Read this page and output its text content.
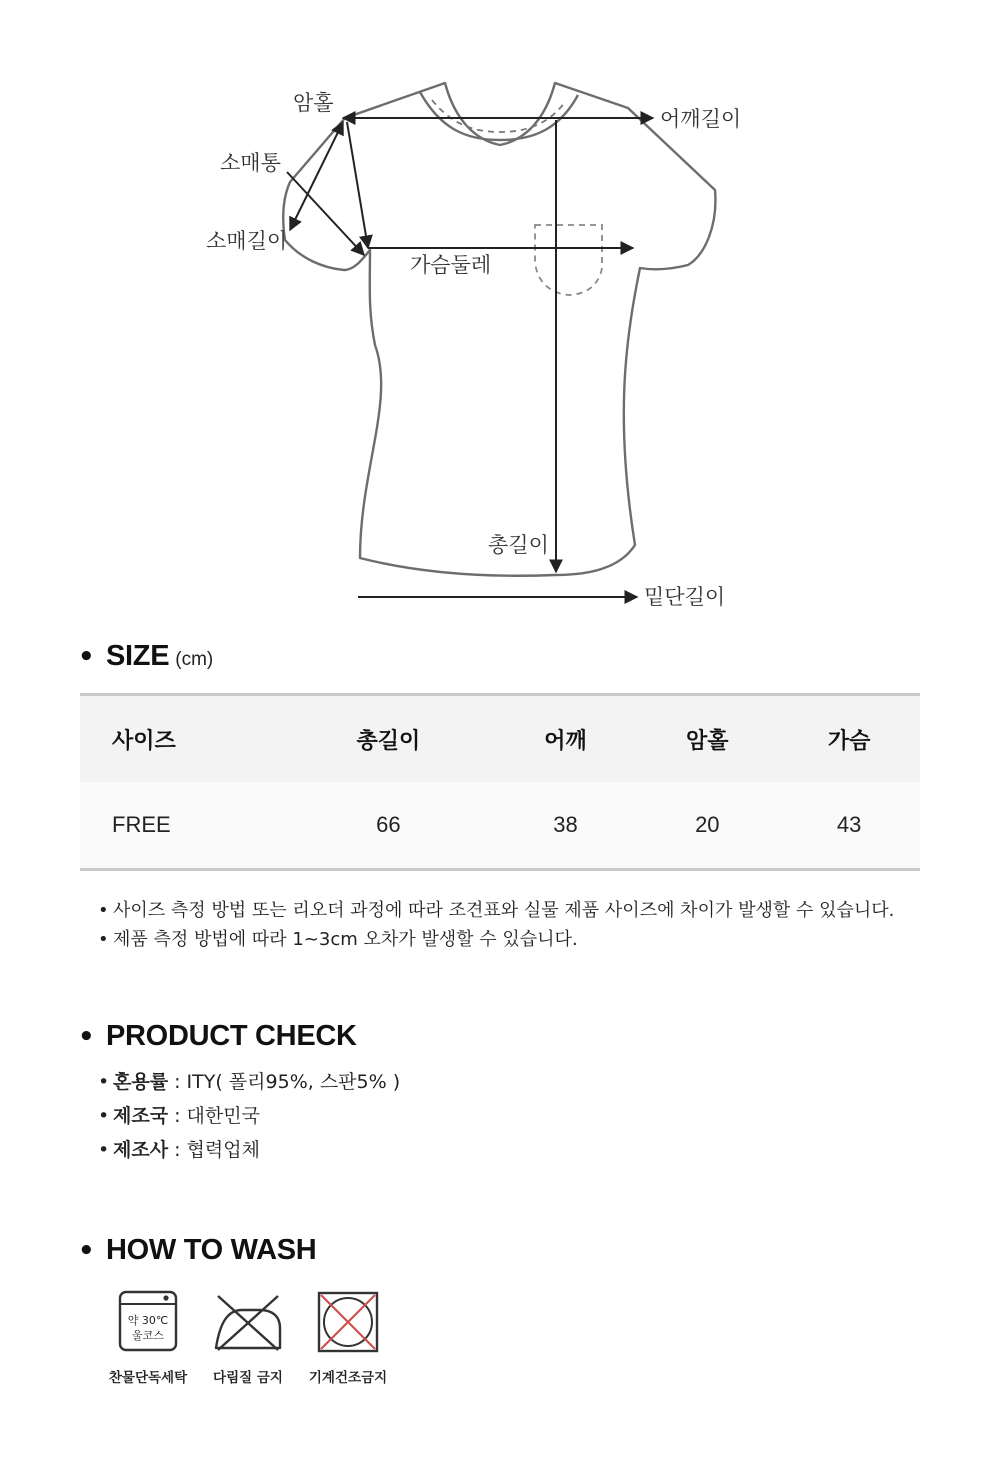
암홀
어깨길이
소매통
소매길이
가슴둘레
총길이
밑단길이
• SIZE (cm)
사이즈	총길이	어깨	암홀	가슴
FREE	66	38	20	43
• 사이즈 측정 방법 또는 리오더 과정에 따라 조견표와 실물 제품 사이즈에 차이가 발생할 수 있습니다.
• 제품 측정 방법에 따라 1~3cm 오차가 발생할 수 있습니다.
• PRODUCT CHECK
• 혼용률 : ITY( 폴리95%, 스판5% )
• 제조국 : 대한민국
• 제조사 : 협력업체
• HOW TO WASH
약 30℃
울코스
찬물단독세탁	다림질 금지	기계건조금지
